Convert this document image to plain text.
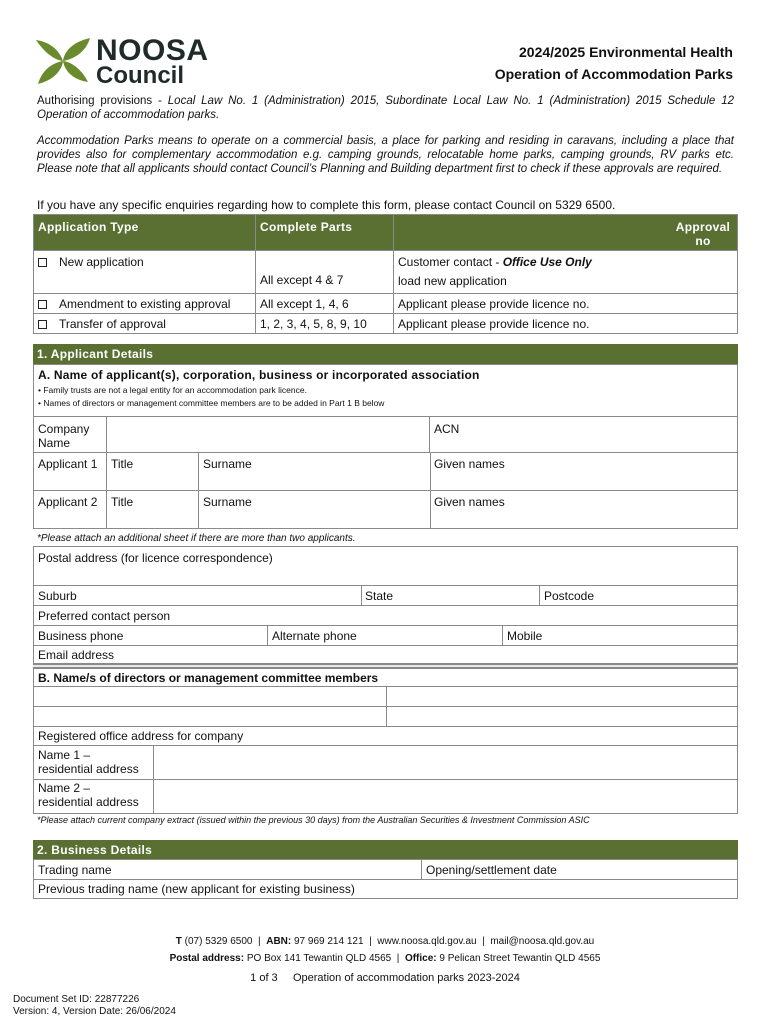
NOOSA
Council
2024/2025 Environmental Health
Operation of Accommodation Parks
Authorising provisions - Local Law No. 1 (Administration) 2015, Subordinate Local Law No. 1 (Administration) 2015 Schedule 12 Operation of accommodation parks.
Accommodation Parks means to operate on a commercial basis, a place for parking and residing in caravans, including a place that provides also for complementary accommodation e.g. camping grounds, relocatable home parks, camping grounds, RV parks etc. Please note that all applicants should contact Council’s Planning and Building department first to check if these approvals are required.
If you have any specific enquiries regarding how to complete this form, please contact Council on 5329 6500.
Application Type	Complete Parts	Approval no
New application	All except 4 & 7	Customer contact - Office Use Only
load new application
Amendment to existing approval	All except 1, 4, 6	Applicant please provide licence no.
Transfer of approval	1, 2, 3, 4, 5, 8, 9, 10	Applicant please provide licence no.
1. Applicant Details
A. Name of applicant(s), corporation, business or incorporated association
• Family trusts are not a legal entity for an accommodation park licence.
• Names of directors or management committee members are to be added in Part 1 B below
Company Name
ACN
Applicant 1 Title	Surname	Given names
Applicant 2 Title	Surname	Given names
*Please attach an additional sheet if there are more than two applicants.
Postal address (for licence correspondence)
Suburb	State	Postcode
Preferred contact person
Business phone	Alternate phone	Mobile
Email address
B. Name/s of directors or management committee members
Registered office address for company
Name 1 –
residential address
Name 2 –
residential address
*Please attach current company extract (issued within the previous 30 days) from the Australian Securities & Investment Commission ASIC
2. Business Details
Trading name	Opening/settlement date
Previous trading name (new applicant for existing business)
T (07) 5329 6500 | ABN: 97 969 214 121 | www.noosa.qld.gov.au | mail@noosa.qld.gov.au
Postal address: PO Box 141 Tewantin QLD 4565 | Office: 9 Pelican Street Tewantin QLD 4565
1 of 3 Operation of accommodation parks 2023-2024
Document Set ID: 22877226
Version: 4, Version Date: 26/06/2024
